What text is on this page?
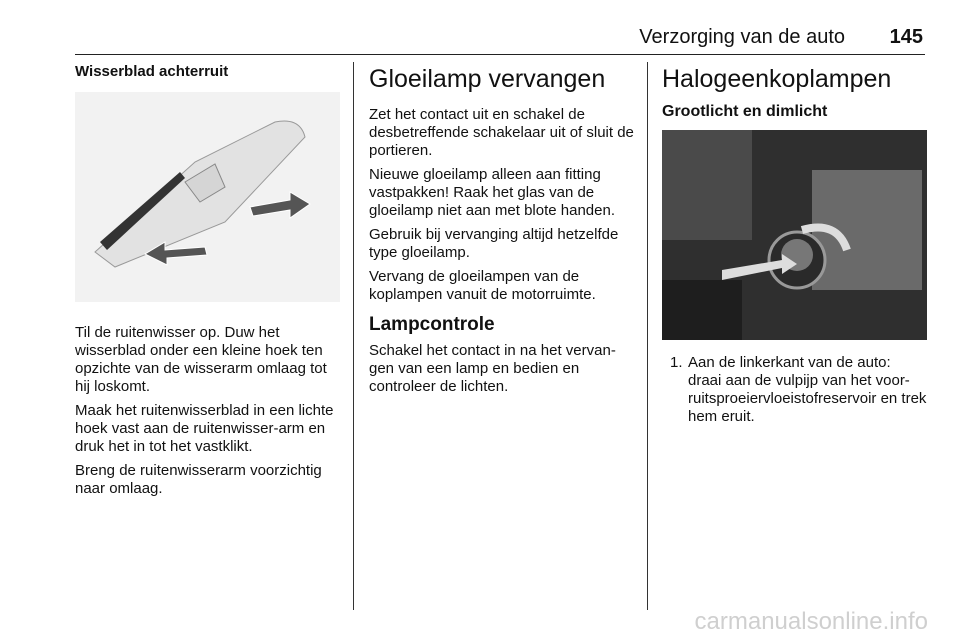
Verzorging van de auto 145
Wisserblad achterruit

Til de ruitenwisser op. Duw het wisserblad onder een kleine hoek ten opzichte van de wisserarm omlaag tot hij loskomt.

Maak het ruitenwisserblad in een lichte hoek vast aan de ruitenwisser-arm en druk het in tot het vastklikt.

Breng de ruitenwisserarm voorzichtig naar omlaag.

Gloeilamp vervangen

Zet het contact uit en schakel de desbetreffende schakelaar uit of sluit de portieren.

Nieuwe gloeilamp alleen aan fitting vastpakken! Raak het glas van de gloeilamp niet aan met blote handen.

Gebruik bij vervanging altijd hetzelfde type gloeilamp.

Vervang de gloeilampen van de koplampen vanuit de motorruimte.

Lampcontrole

Schakel het contact in na het vervan-gen van een lamp en bedien en controleer de lichten.

Halogeenkoplampen
Grootlicht en dimlicht
1. Aan de linkerkant van de auto: draai aan de vulpijp van het voor-ruitsproeiervloeistofreservoir en trek hem eruit.
carmanualsonline.info
